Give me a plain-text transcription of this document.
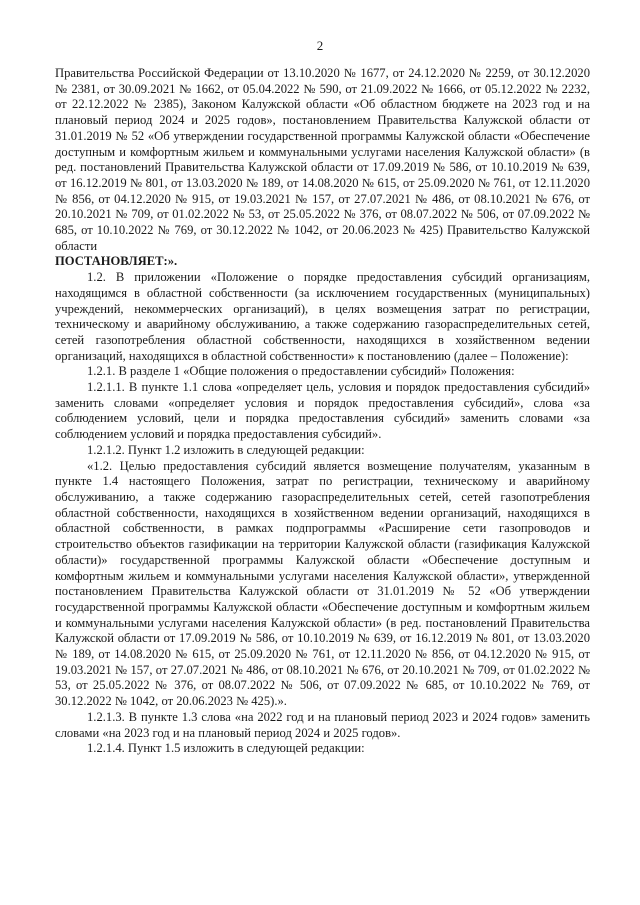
2

Правительства Российской Федерации от 13.10.2020 № 1677, от 24.12.2020 № 2259, от 30.12.2020 № 2381, от 30.09.2021 № 1662, от 05.04.2022 № 590, от 21.09.2022 № 1666, от 05.12.2022 № 2232, от 22.12.2022 № 2385), Законом Калужской области «Об областном бюджете на 2023 год и на плановый период 2024 и 2025 годов», постановлением Правительства Калужской области от 31.01.2019 № 52 «Об утверждении государственной программы Калужской области «Обеспечение доступным и комфортным жильем и коммунальными услугами населения Калужской области» (в ред. постановлений Правительства Калужской области от 17.09.2019 № 586, от 10.10.2019 № 639, от 16.12.2019 № 801, от 13.03.2020 № 189, от 14.08.2020 № 615, от 25.09.2020 № 761, от 12.11.2020 № 856, от 04.12.2020 № 915, от 19.03.2021 № 157, от 27.07.2021 № 486, от 08.10.2021 № 676, от 20.10.2021 № 709, от 01.02.2022 № 53, от 25.05.2022 № 376, от 08.07.2022 № 506, от 07.09.2022 № 685, от 10.10.2022 № 769, от 30.12.2022 № 1042, от 20.06.2023 № 425) Правительство Калужской области

ПОСТАНОВЛЯЕТ:».

1.2. В приложении «Положение о порядке предоставления субсидий организациям, находящимся в областной собственности (за исключением государственных (муниципальных) учреждений, некоммерческих организаций), в целях возмещения затрат по регистрации, техническому и аварийному обслуживанию, а также содержанию газораспределительных сетей, сетей газопотребления областной собственности, находящихся в хозяйственном ведении организаций, находящихся в областной собственности» к постановлению (далее – Положение):

1.2.1. В разделе 1 «Общие положения о предоставлении субсидий» Положения:

1.2.1.1. В пункте 1.1 слова «определяет цель, условия и порядок предоставления субсидий» заменить словами «определяет условия и порядок предоставления субсидий», слова «за соблюдением условий, цели и порядка предоставления субсидий» заменить словами «за соблюдением условий и порядка предоставления субсидий».

1.2.1.2. Пункт 1.2 изложить в следующей редакции:

«1.2. Целью предоставления субсидий является возмещение получателям, указанным в пункте 1.4 настоящего Положения, затрат по регистрации, техническому и аварийному обслуживанию, а также содержанию газораспределительных сетей, сетей газопотребления областной собственности, находящихся в хозяйственном ведении организаций, находящихся в областной собственности, в рамках подпрограммы «Расширение сети газопроводов и строительство объектов газификации на территории Калужской области (газификация Калужской области)» государственной программы Калужской области «Обеспечение доступным и комфортным жильем и коммунальными услугами населения Калужской области», утвержденной постановлением Правительства Калужской области от 31.01.2019 № 52 «Об утверждении государственной программы Калужской области «Обеспечение доступным и комфортным жильем и коммунальными услугами населения Калужской области» (в ред. постановлений Правительства Калужской области от 17.09.2019 № 586, от 10.10.2019 № 639, от 16.12.2019 № 801, от 13.03.2020 № 189, от 14.08.2020 № 615, от 25.09.2020 № 761, от 12.11.2020 № 856, от 04.12.2020 № 915, от 19.03.2021 № 157, от 27.07.2021 № 486, от 08.10.2021 № 676, от 20.10.2021 № 709, от 01.02.2022 № 53, от 25.05.2022 № 376, от 08.07.2022 № 506, от 07.09.2022 № 685, от 10.10.2022 № 769, от 30.12.2022 № 1042, от 20.06.2023 № 425).».

1.2.1.3. В пункте 1.3 слова «на 2022 год и на плановый период 2023 и 2024 годов» заменить словами «на 2023 год и на плановый период 2024 и 2025 годов».

1.2.1.4. Пункт 1.5 изложить в следующей редакции:
